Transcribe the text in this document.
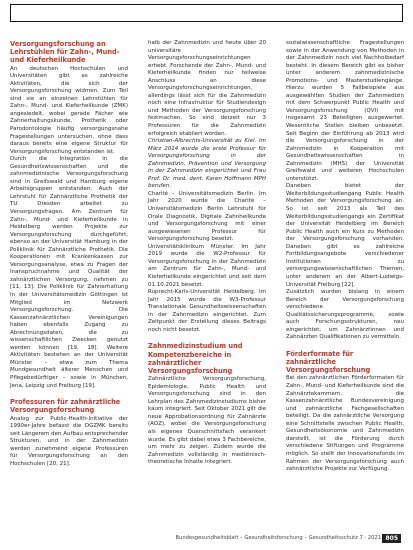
Versorgungsforschung an Lehrstühlen für Zahn-, Mund- und Kieferheilkunde

An deutschen Hochschulen und Universitäten gibt es zahlreiche Aktivitäten, die sich der Versorgungsforschung widmen. Zum Teil sind sie an einzelnen Lehrstühlen für Zahn-, Mund- und Kieferheilkunde (ZMK) angesiedelt, wobei gerade Fächer wie Zahnerhaltungskunde, Prothetik oder Parodontologie häufig versorgungsnahe Fragestellungen untersuchen, ohne dass daraus bereits eine eigene Struktur für Versorgungsforschung entstanden ist.

Durch die Integration in die Gesundheitswissenschaften und die zahnmedizinische Versorgungsforschung sind in Greifswald und Hamburg eigene Arbeitsgruppen entstanden. Auch der Lehrstuhl für Zahnärztliche Prothetik der TU Dresden arbeitet zu Versorgungsfragen. Am Zentrum für Zahn-, Mund- und Kieferheilkunde in Heidelberg werden Projekte zur Versorgungsforschung durchgeführt, ebenso an der Universität Hamburg in der Poliklinik für Zahnärztliche Prothetik. Die Kooperationen mit Krankenkassen zur Versorgungsanalyse, etwa zu Fragen der Inanspruchnahme und Qualität der zahnärztlichen Versorgung, nehmen zu [11, 13]. Die Poliklinik für Zahnerhaltung in der Universitätsmedizin Göttingen ist Mitglied im Netzwerk Versorgungsforschung. Die Kassenzahnärztlichen Vereinigungen haben ebenfalls Zugang zu Abrechnungsdaten, die zu wissenschaftlichen Zwecken genutzt werden können [19, 18]. Weitere Aktivitäten bestehen an der Universität Münster – etwa zum Thema Mundgesundheit älterer Menschen und Pflegebedürftiger – sowie in München, Jena, Leipzig und Freiburg [19].

Professuren für zahnärztliche Versorgungsforschung

Analog zur Public-Health-Initiative der 1990er-Jahre befasst die DGZMK bereits seit Längerem den Aufbau entsprechender Strukturen, und in der Zahnmedizin werden zunehmend eigene Professuren für Versorgungsforschung an den Hochschulen [20, 21].

halb der Zahnmedizin und heute über 20 universitäre Versorgungsforschungseinrichtungen erhebt. Forschende der Zahn-, Mund- und Kieferheilkunde finden nur teilweise Anschluss an diese Versorgungsforschungseinrichtungen, allerdings lässt sich für die Zahnmedizin noch eine Infrastruktur für Studiendesign und Methoden der Versorgungsforschung festmachen. So sind derzeit nur 3 Professuren für die Zahnmedizin erfolgreich etabliert worden.

Christian-Albrechts-Universität zu Kiel. Im März 2014 wurde die erste Professur für Versorgungsforschung in der Zahnmedizin, Prävention und Versorgung in der Zahnmedizin eingerichtet und Frau Prof. Dr. med. dent. Karen Hoffmann MPH berufen.

Charité – Universitätsmedizin Berlin. Im Jahr 2020 wurde die Charité – Universitätsmedizin Berlin Lehrstuhl für Orale Diagnostik, Digitale Zahnheilkunde und Versorgungsforschung mit einer ausgewiesenen Professur für Versorgungsforschung besetzt.

Universitätsklinikum Münster. Im Jahr 2019 wurde die W2-Professur für Versorgungsforschung in der Zahnmedizin am Zentrum für Zahn-, Mund- und Kieferheilkunde eingerichtet und seit dem 01.10.2021 besetzt.

Ruprecht-Karls-Universität Heidelberg. Im Jahr 2015 wurde die W3-Professur Translationale Gesundheitswissenschaften in der Zahnmedizin eingerichtet. Zum Zeitpunkt der Erstellung dieses Beitrags noch nicht besetzt.

Zahnmedizinstudium und Kompetenzbereiche in zahnärztlicher Versorgungsforschung

Zahnärztliche Versorgungsforschung, Epidemiologie, Public Health und Versorgungsforschung sind in den Lehrplan des Zahnmedizinstudiums bisher kaum integriert. Seit Oktober 2021 gilt die neue Approbationsordnung für Zahnärzte (AOZ), wobei die Versorgungsforschung als eigenes Querschnittsfach verankert wurde. Es gibt dabei etwa 3 Fachbereiche, um mehr zu zeigen. Zudem wurde die Zahnmedizin vollständig in medizinisch-theoretische Inhalte integriert.

sozialwissenschaftliche Fragestellungen sowie in der Anwendung von Methoden in der Zahnmedizin noch viel Nachholbedarf besteht. In diesem Bereich gibt es bisher unter anderem zahnmedizinische Promotions- und Masterstudiengänge. Hierzu wurden 5 Fallbeispiele aus ausgewählten Studien der Zahnmedizin mit dem Schwerpunkt Public Health und Versorgungsforschung (QVI) mit insgesamt 23 Beteiligten ausgewertet. Wesentliche Stellen bleiben unbesetzt. Seit Beginn der Einführung ab 2013 wird die Versorgungsforschung in der Zahnmedizin in Kooperation mit Gesundheitswissenschaften in Zahnmedizin (MHS) der Universität Greifswald und weiteren Hochschulen unterstützt.

Daneben bietet der Weiterbildungsstudiengang Public Health Methoden der Versorgungsforschung an. So ist seit 2013 als Teil des Weiterbildungsstudiengangs ein Zertifikat der Universität Heidelberg im Bereich Public Health auch ein Kurs zu Methoden der Versorgungsforschung vorhanden. Daneben gibt es zahlreiche Fortbildungsangebote verschiedener Institutionen zu versorgungswissenschaftlichen Themen, unter anderem an der Albert-Ludwigs-Universität Freiburg [22].

Zusätzlich wurden bislang in einem Bereich der Versorgungsforschung verschiedene Qualitätssicherungsprogramme, sowie auch Forschungsstrukturen, neu eingerichtet, um Zahnärztinnen und Zahnärzten Qualifikationen zu vermitteln.

Förderformate für zahnärztliche Versorgungsforschung

Bei den zahnärztlichen Förderformaten für Zahn-, Mund- und Kieferheilkunde sind die Zahnärztekammern, die Kassenzahnärztliche Bundesvereinigung und zahnärztliche Fachgesellschaften beteiligt. Da die zahnärztliche Versorgung eine Schnittstelle zwischen Public Health, Gesundheitsökonomie und Zahnmedizin darstellt, ist die Förderung durch verschiedene Stiftungen und Programme möglich. So stellt der Innovationsfonds im Rahmen der Versorgungsforschung auch zahnärztliche Projekte zur Verfügung.

Bundesgesundheitsblatt – Gesundheitsforschung – Gesundheitsschutz 7 · 2021 805
